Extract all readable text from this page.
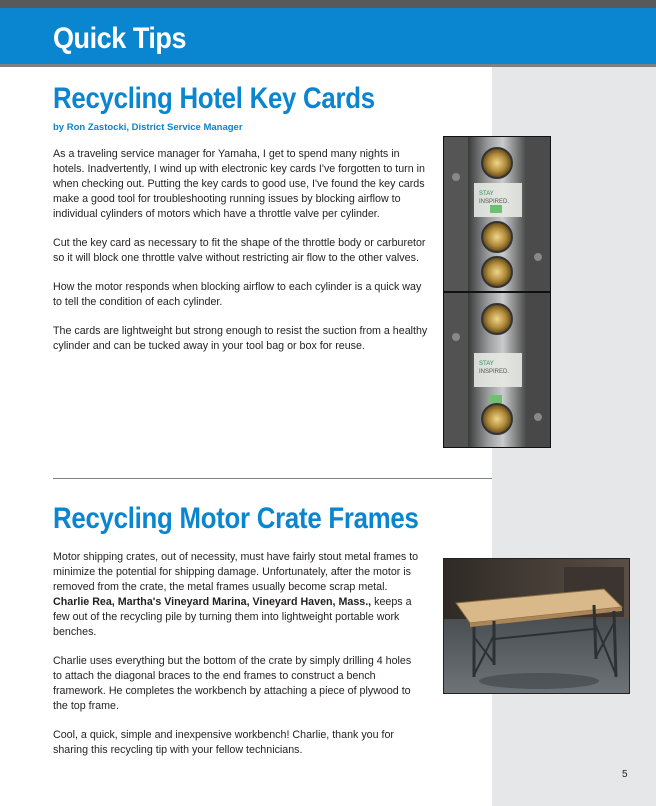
Quick Tips
Recycling Hotel Key Cards
by Ron Zastocki, District Service Manager

As a traveling service manager for Yamaha, I get to spend many nights in hotels. Inadvertently, I wind up with electronic key cards I've forgotten to turn in when checking out. Putting the key cards to good use, I've found the key cards make a good tool for troubleshooting running issues by blocking airflow to individual cylinders of motors which have a throttle valve per cylinder.

Cut the key card as necessary to fit the shape of the throttle body or carburetor so it will block one throttle valve without restricting air flow to the other valves.

How the motor responds when blocking airflow to each cylinder is a quick way to tell the condition of each cylinder.

The cards are lightweight but strong enough to resist the suction from a healthy cylinder and can be tucked away in your tool bag or box for reuse.

STAY
INSPIRED.
STAY
INSPIRED.
Recycling Motor Crate Frames

Motor shipping crates, out of necessity, must have fairly stout metal frames to minimize the potential for shipping damage. Unfortunately, after the motor is removed from the crate, the metal frames usually become scrap metal. Charlie Rea, Martha's Vineyard Marina, Vineyard Haven, Mass., keeps a few out of the recycling pile by turning them into lightweight portable work benches.

Charlie uses everything but the bottom of the crate by simply drilling 4 holes to attach the diagonal braces to the end frames to construct a bench framework. He completes the workbench by attaching a piece of plywood to the top frame.

Cool, a quick, simple and inexpensive workbench! Charlie, thank you for sharing this recycling tip with your fellow technicians.

5
